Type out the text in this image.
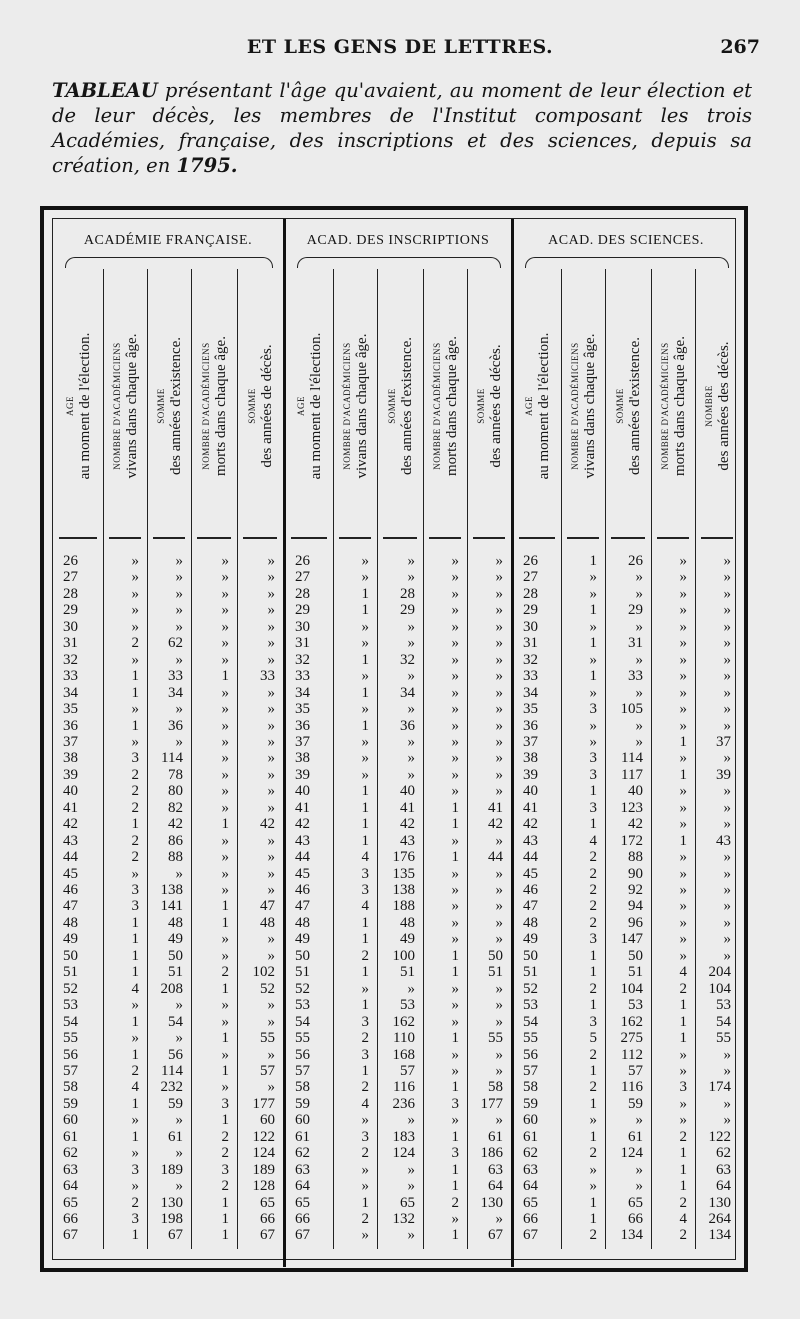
ET LES GENS DE LETTRES.	267
TABLEAU présentant l'âge qu'avaient, au moment de leur élection et de leur décès, les membres de l'Institut composant les trois Académies, française, des inscriptions et des sciences, depuis sa création, en 1795.
ACADÉMIE FRANÇAISE.
AGE au moment de l'élection.
26
27
28
29
30
31
32
33
34
35
36
37
38
39
40
41
42
43
44
45
46
47
48
49
50
51
52
53
54
55
56
57
58
59
60
61
62
63
64
65
66
67
NOMBRE D'ACADÉMICIENS vivans dans chaque âge.
»
»
»
»
»
2
»
1
1
»
1
»
3
2
2
2
1
2
2
»
3
3
1
1
1
1
4
»
1
»
1
2
4
1
»
1
»
3
»
2
3
1
SOMME des années d'existence.
»
»
»
»
»
62
»
33
34
»
36
»
114
78
80
82
42
86
88
»
138
141
48
49
50
51
208
»
54
»
56
114
232
59
»
61
»
189
»
130
198
67
NOMBRE D'ACADÉMICIENS morts dans chaque âge.
»
»
»
»
»
»
»
1
»
»
»
»
»
»
»
»
1
»
»
»
»
1
1
»
»
2
1
»
»
1
»
1
»
3
1
2
2
3
2
1
1
1
SOMME des années de décès.
»
»
»
»
»
»
»
33
»
»
»
»
»
»
»
»
42
»
»
»
»
47
48
»
»
102
52
»
»
55
»
57
»
177
60
122
124
189
128
65
66
67
ACAD. DES INSCRIPTIONS
AGE au moment de l'élection.
26
27
28
29
30
31
32
33
34
35
36
37
38
39
40
41
42
43
44
45
46
47
48
49
50
51
52
53
54
55
56
57
58
59
60
61
62
63
64
65
66
67
NOMBRE D'ACADÉMICIENS vivans dans chaque âge.
»
»
1
1
»
»
1
»
1
»
1
»
»
»
1
1
1
1
4
3
3
4
1
1
2
1
»
1
3
2
3
1
2
4
»
3
2
»
»
1
2
»
SOMME des années d'existence.
»
»
28
29
»
»
32
»
34
»
36
»
»
»
40
41
42
43
176
135
138
188
48
49
100
51
»
53
162
110
168
57
116
236
»
183
124
»
»
65
132
»
NOMBRE D'ACADÉMICIENS morts dans chaque âge.
»
»
»
»
»
»
»
»
»
»
»
»
»
»
»
1
1
»
1
»
»
»
»
»
1
1
»
»
»
1
»
»
1
3
»
1
3
1
1
2
»
1
SOMME des années de décès.
»
»
»
»
»
»
»
»
»
»
»
»
»
»
»
41
42
»
44
»
»
»
»
»
50
51
»
»
»
55
»
»
58
177
»
61
186
63
64
130
»
67
ACAD. DES SCIENCES.
AGE au moment de l'élection.
26
27
28
29
30
31
32
33
34
35
36
37
38
39
40
41
42
43
44
45
46
47
48
49
50
51
52
53
54
55
56
57
58
59
60
61
62
63
64
65
66
67
NOMBRE D'ACADÉMICIENS vivans dans chaque âge.
1
»
»
1
»
1
»
1
»
3
»
»
3
3
1
3
1
4
2
2
2
2
2
3
1
1
2
1
3
5
2
1
2
1
»
1
2
»
»
1
1
2
SOMME des années d'existence.
26
»
»
29
»
31
»
33
»
105
»
»
114
117
40
123
42
172
88
90
92
94
96
147
50
51
104
53
162
275
112
57
116
59
»
61
124
»
»
65
66
134
NOMBRE D'ACADÉMICIENS morts dans chaque âge.
»
»
»
»
»
»
»
»
»
»
»
1
»
1
»
»
»
1
»
»
»
»
»
»
»
4
2
1
1
1
»
»
3
»
»
2
1
1
1
2
4
2
NOMBRE des années des décès.
»
»
»
»
»
»
»
»
»
»
»
37
»
39
»
»
»
43
»
»
»
»
»
»
»
204
104
53
54
55
»
»
174
»
»
122
62
63
64
130
264
134
